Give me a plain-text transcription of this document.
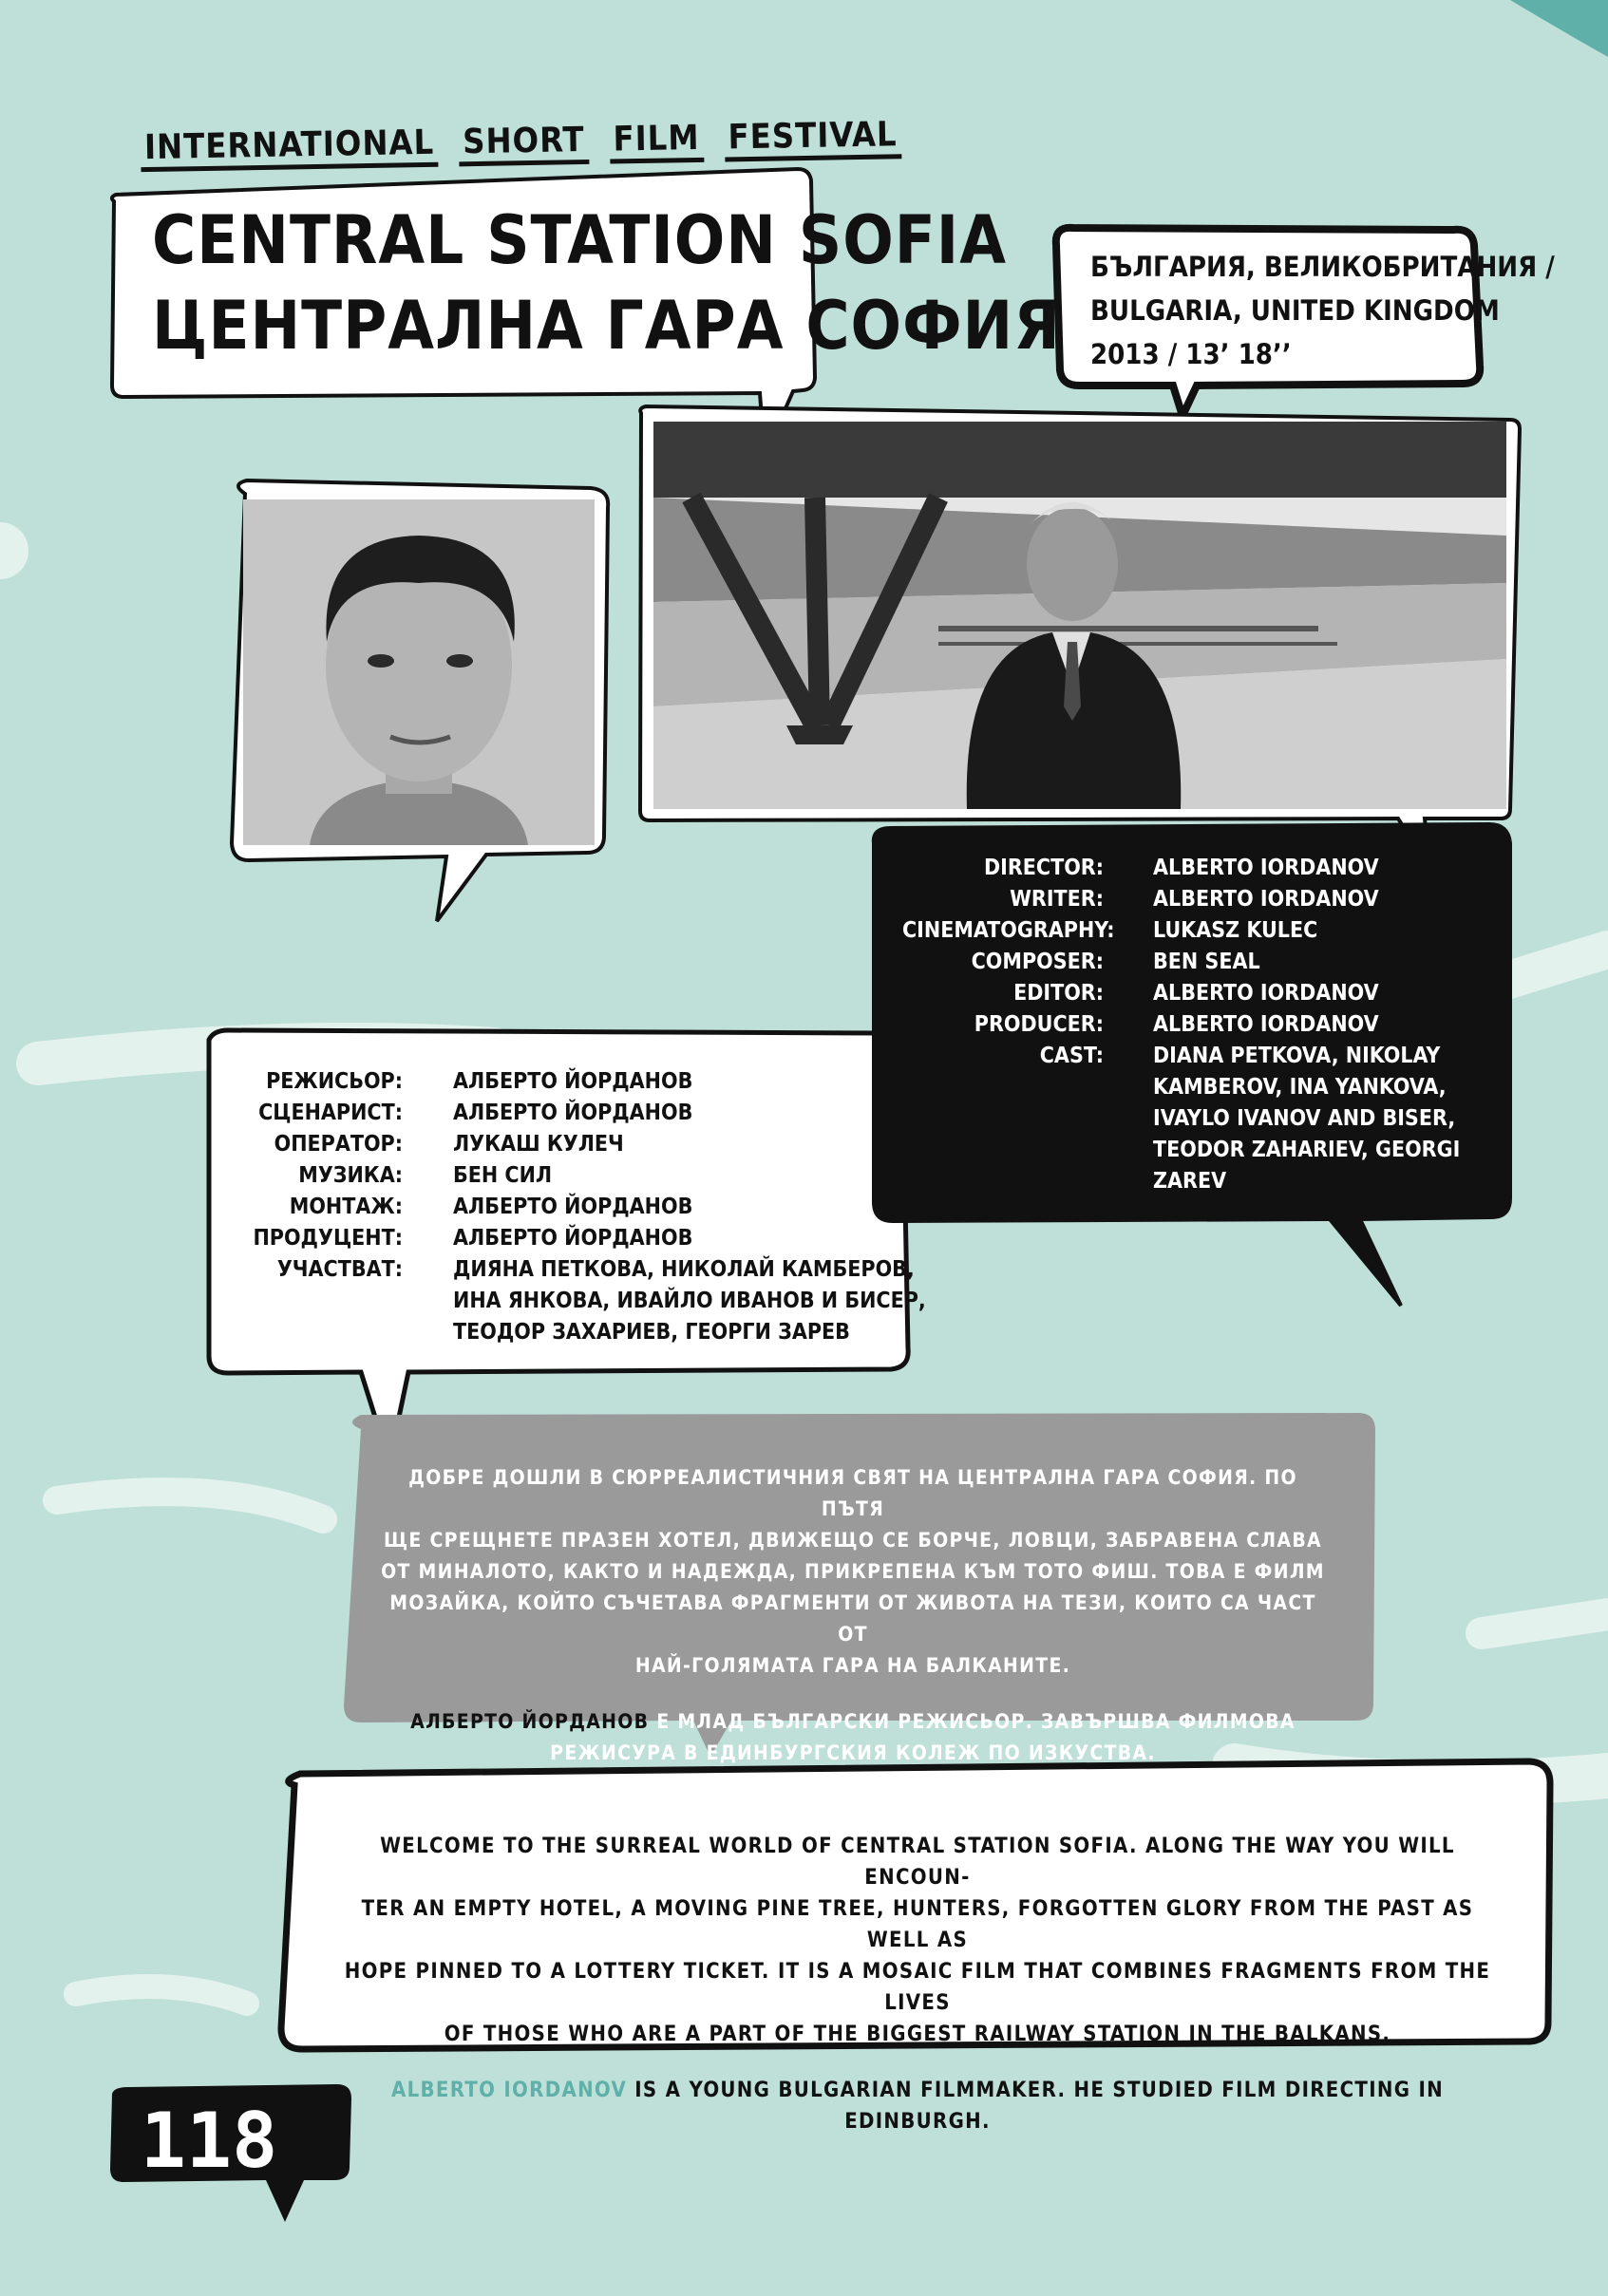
INTERNATIONAL SHORT FILM FESTIVAL
CENTRAL STATION SOFIA
ЦЕНТРАЛНА ГАРА СОФИЯ
БЪЛГАРИЯ, ВЕЛИКОБРИТАНИЯ /
BULGARIA, UNITED KINGDOM
2013 / 13’ 18’’
РЕЖИСЬОР: АЛБЕРТО ЙОРДАНОВ
СЦЕНАРИСТ: АЛБЕРТО ЙОРДАНОВ
ОПЕРАТОР: ЛУКАШ КУЛЕЧ
МУЗИКА: БЕН СИЛ
МОНТАЖ: АЛБЕРТО ЙОРДАНОВ
ПРОДУЦЕНТ: АЛБЕРТО ЙОРДАНОВ
УЧАСТВАТ: ДИЯНА ПЕТКОВА, НИКОЛАЙ КАМБЕРОВ,
ИНА ЯНКОВА, ИВАЙЛО ИВАНОВ И БИСЕР,
ТЕОДОР ЗАХАРИЕВ, ГЕОРГИ ЗАРЕВ
DIRECTOR: ALBERTO IORDANOV
WRITER: ALBERTO IORDANOV
CINEMATOGRAPHY: LUKASZ KULEC
COMPOSER: BEN SEAL
EDITOR: ALBERTO IORDANOV
PRODUCER: ALBERTO IORDANOV
CAST: DIANA PETKOVA, NIKOLAY
KAMBEROV, INA YANKOVA,
IVAYLO IVANOV AND BISER,
TEODOR ZAHARIEV, GEORGI
ZAREV
ДОБРЕ ДОШЛИ В СЮРРЕАЛИСТИЧНИЯ СВЯТ НА ЦЕНТРАЛНА ГАРА СОФИЯ. ПО ПЪТЯ
ЩЕ СРЕЩНЕТЕ ПРАЗЕН ХОТЕЛ, ДВИЖЕЩО СЕ БОРЧЕ, ЛОВЦИ, ЗАБРАВЕНА СЛАВА
ОТ МИНАЛОТО, КАКТО И НАДЕЖДА, ПРИКРЕПЕНА КЪМ ТОТО ФИШ. ТОВА Е ФИЛМ
МОЗАЙКА, КОЙТО СЪЧЕТАВА ФРАГМЕНТИ ОТ ЖИВОТА НА ТЕЗИ, КОИТО СА ЧАСТ ОТ
НАЙ-ГОЛЯМАТА ГАРА НА БАЛКАНИТЕ.
АЛБЕРТО ЙОРДАНОВ Е МЛАД БЪЛГАРСКИ РЕЖИСЬОР. ЗАВЪРШВА ФИЛМОВА
РЕЖИСУРА В ЕДИНБУРГСКИЯ КОЛЕЖ ПО ИЗКУСТВА.
WELCOME TO THE SURREAL WORLD OF CENTRAL STATION SOFIA. ALONG THE WAY YOU WILL ENCOUN-
TER AN EMPTY HOTEL, A MOVING PINE TREE, HUNTERS, FORGOTTEN GLORY FROM THE PAST AS WELL AS
HOPE PINNED TO A LOTTERY TICKET. IT IS A MOSAIC FILM THAT COMBINES FRAGMENTS FROM THE LIVES
OF THOSE WHO ARE A PART OF THE BIGGEST RAILWAY STATION IN THE BALKANS.
ALBERTO IORDANOV IS A YOUNG BULGARIAN FILMMAKER. HE STUDIED FILM DIRECTING IN EDINBURGH.
118
